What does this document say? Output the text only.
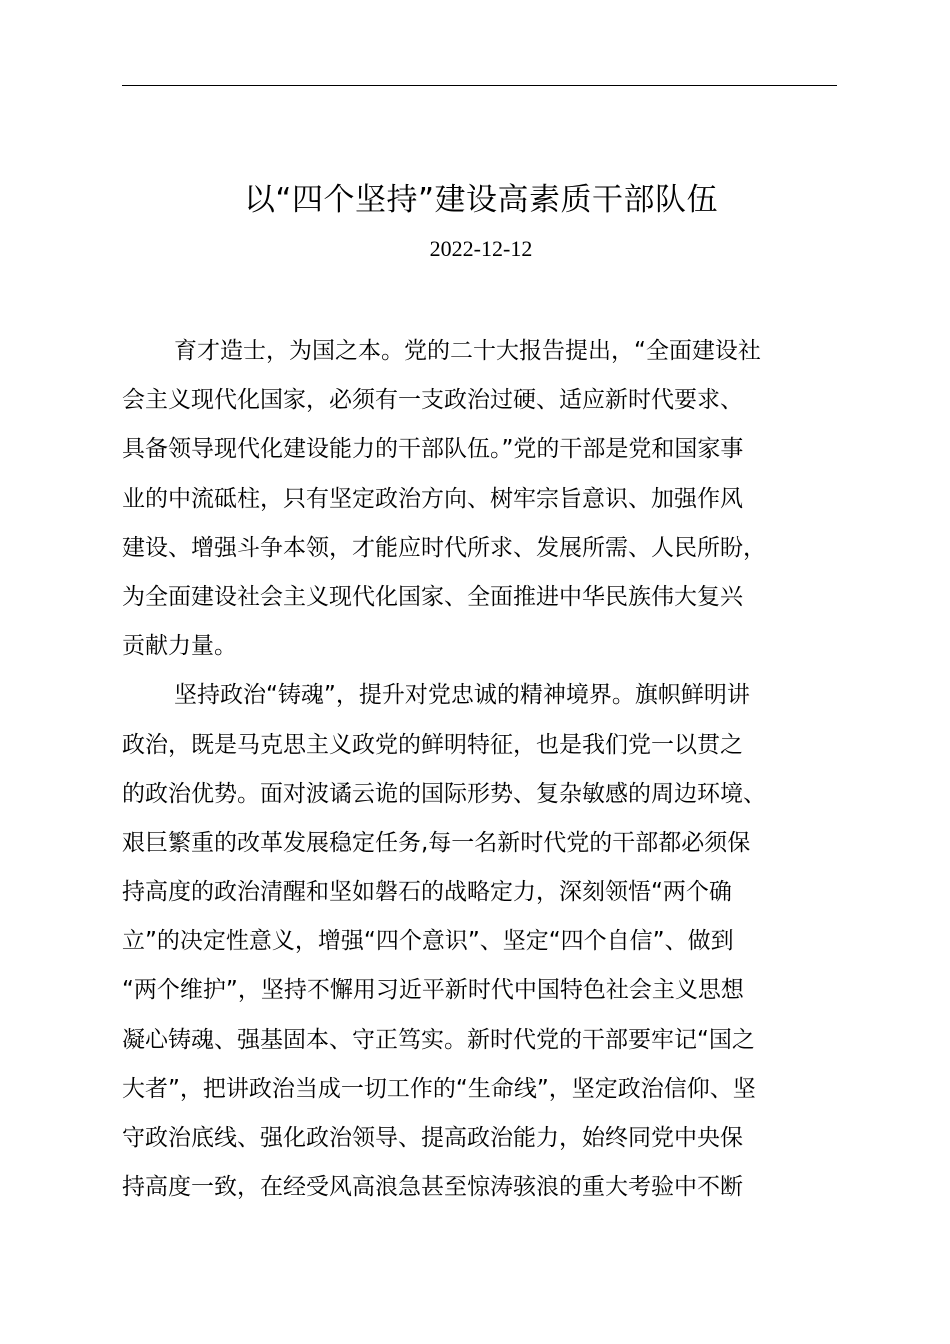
以“四个坚持”建设高素质干部队伍
2022-12-12
育才造士，为国之本。党的二十大报告提出，“全面建设社
会主义现代化国家，必须有一支政治过硬、适应新时代要求、
具备领导现代化建设能力的干部队伍。”党的干部是党和国家事
业的中流砥柱，只有坚定政治方向、树牢宗旨意识、加强作风
建设、增强斗争本领，才能应时代所求、发展所需、人民所盼，
为全面建设社会主义现代化国家、全面推进中华民族伟大复兴
贡献力量。
坚持政治“铸魂”，提升对党忠诚的精神境界。旗帜鲜明讲
政治，既是马克思主义政党的鲜明特征，也是我们党一以贯之
的政治优势。面对波谲云诡的国际形势、复杂敏感的周边环境、
艰巨繁重的改革发展稳定任务,每一名新时代党的干部都必须保
持高度的政治清醒和坚如磐石的战略定力，深刻领悟“两个确
立”的决定性意义，增强“四个意识”、坚定“四个自信”、做到
“两个维护”，坚持不懈用习近平新时代中国特色社会主义思想
凝心铸魂、强基固本、守正笃实。新时代党的干部要牢记“国之
大者”，把讲政治当成一切工作的“生命线”，坚定政治信仰、坚
守政治底线、强化政治领导、提高政治能力，始终同党中央保
持高度一致，在经受风高浪急甚至惊涛骇浪的重大考验中不断
